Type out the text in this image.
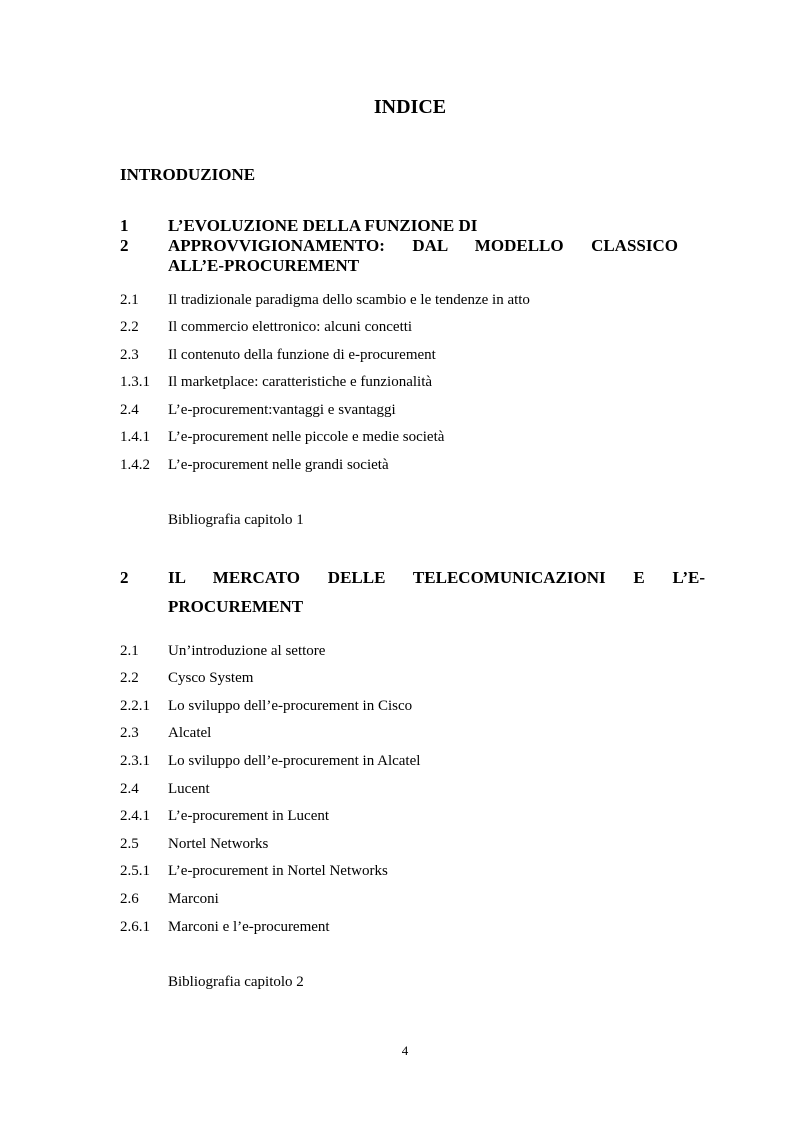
INDICE
INTRODUZIONE
1
2
L’EVOLUZIONE DELLA FUNZIONE DI
APPROVVIGIONAMENTO: DAL MODELLO CLASSICO
ALL’E-PROCUREMENT
2.1 Il tradizionale paradigma dello scambio e le tendenze in atto
2.2 Il commercio elettronico: alcuni concetti
2.3 Il contenuto della funzione di e-procurement
1.3.1 Il marketplace: caratteristiche e funzionalità
2.4 L’e-procurement:vantaggi e svantaggi
1.4.1 L’e-procurement nelle piccole e medie società
1.4.2 L’e-procurement nelle grandi società
Bibliografia capitolo 1
2 IL MERCATO DELLE TELECOMUNICAZIONI E L’E-
PROCUREMENT
2.1 Un’introduzione al settore
2.2 Cysco System
2.2.1 Lo sviluppo dell’e-procurement in Cisco
2.3 Alcatel
2.3.1 Lo sviluppo dell’e-procurement in Alcatel
2.4 Lucent
2.4.1 L’e-procurement in Lucent
2.5 Nortel Networks
2.5.1 L’e-procurement in Nortel Networks
2.6 Marconi
2.6.1 Marconi e l’e-procurement
Bibliografia capitolo 2
4
